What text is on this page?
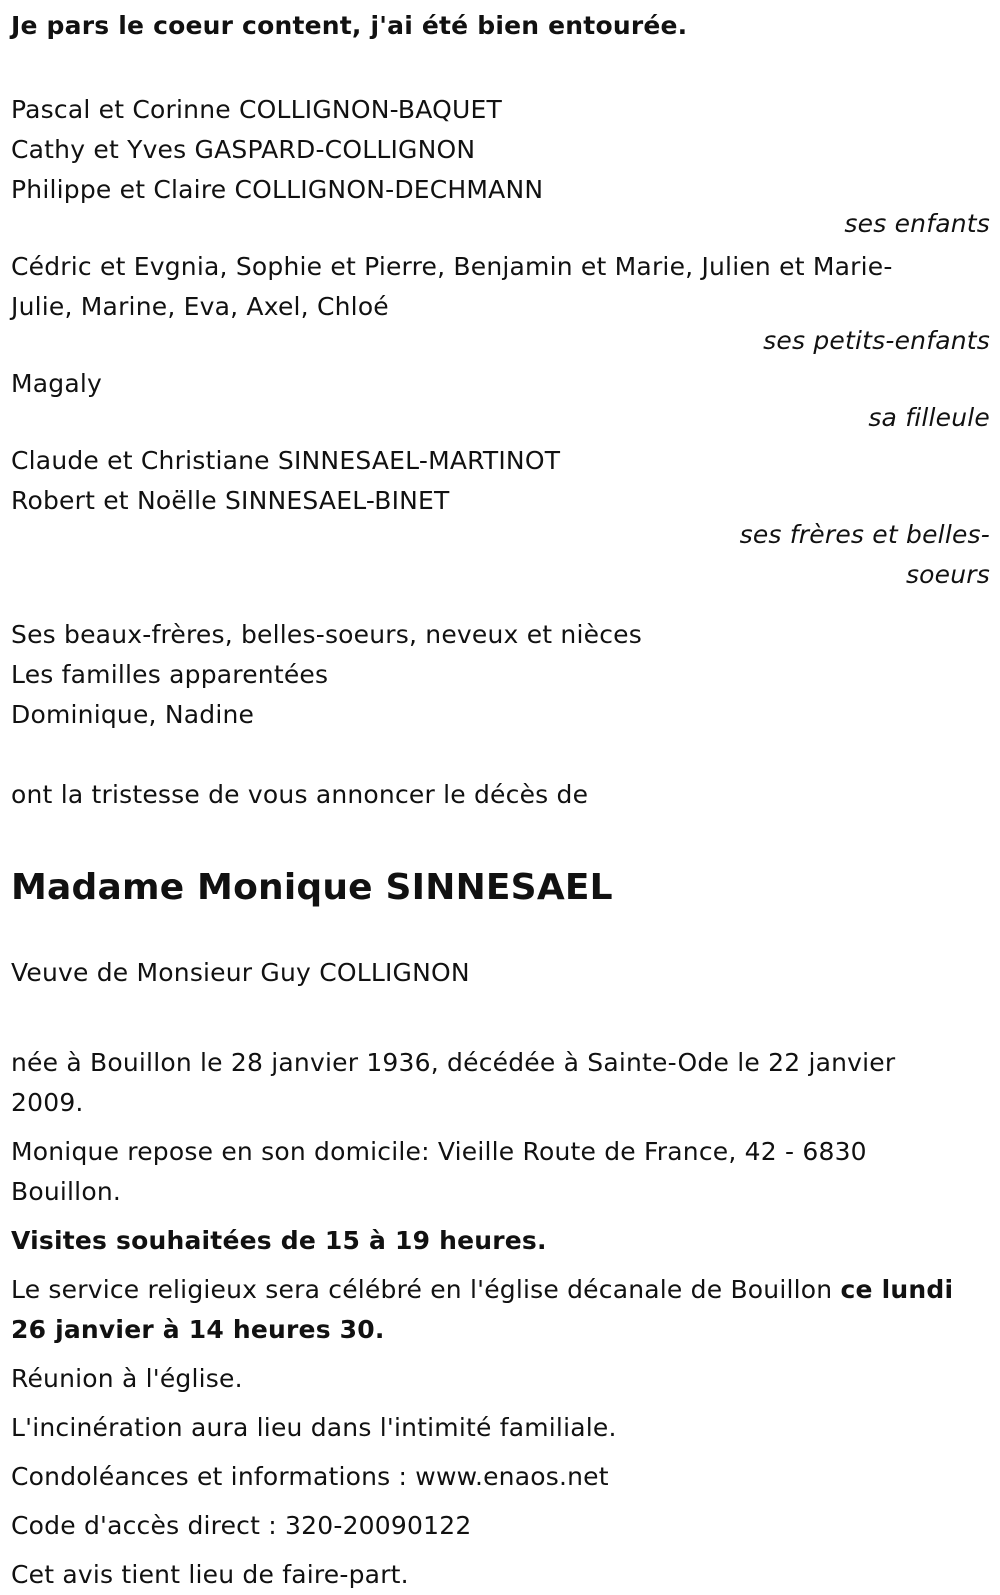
Je pars le coeur content, j'ai été bien entourée.
Pascal et Corinne COLLIGNON-BAQUET
Cathy et Yves GASPARD-COLLIGNON
Philippe et Claire COLLIGNON-DECHMANN
ses enfants
Cédric et Evgnia, Sophie et Pierre, Benjamin et Marie, Julien et Marie-
Julie, Marine, Eva, Axel, Chloé
ses petits-enfants
Magaly
sa filleule
Claude et Christiane SINNESAEL-MARTINOT
Robert et Noëlle SINNESAEL-BINET
ses frères et belles-
soeurs
Ses beaux-frères, belles-soeurs, neveux et nièces
Les familles apparentées
Dominique, Nadine
ont la tristesse de vous annoncer le décès de
Madame Monique SINNESAEL
Veuve de Monsieur Guy COLLIGNON
née à Bouillon le 28 janvier 1936, décédée à Sainte-Ode le 22 janvier
2009.
Monique repose en son domicile: Vieille Route de France, 42 - 6830
Bouillon.
Visites souhaitées de 15 à 19 heures.
Le service religieux sera célébré en l'église décanale de Bouillon ce lundi
26 janvier à 14 heures 30.
Réunion à l'église.
L'incinération aura lieu dans l'intimité familiale.
Condoléances et informations : www.enaos.net
Code d'accès direct : 320-20090122
Cet avis tient lieu de faire-part.
